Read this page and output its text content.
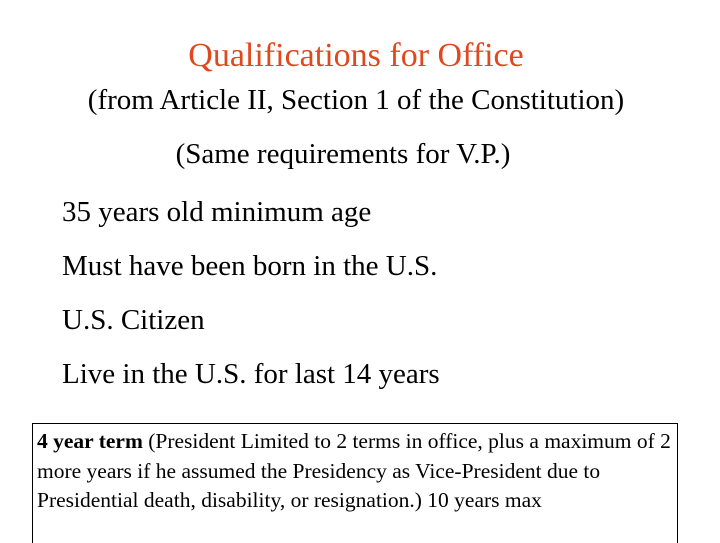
Qualifications for Office
(from Article II, Section 1 of the Constitution)
(Same requirements for V.P.)
35 years old minimum age
Must have been born in the U.S.
U.S. Citizen
Live in the U.S. for last 14 years
4 year term (President Limited to 2 terms in office, plus a maximum of 2 more years if he assumed the Presidency as Vice-President due to Presidential death, disability, or resignation.) 10 years max
